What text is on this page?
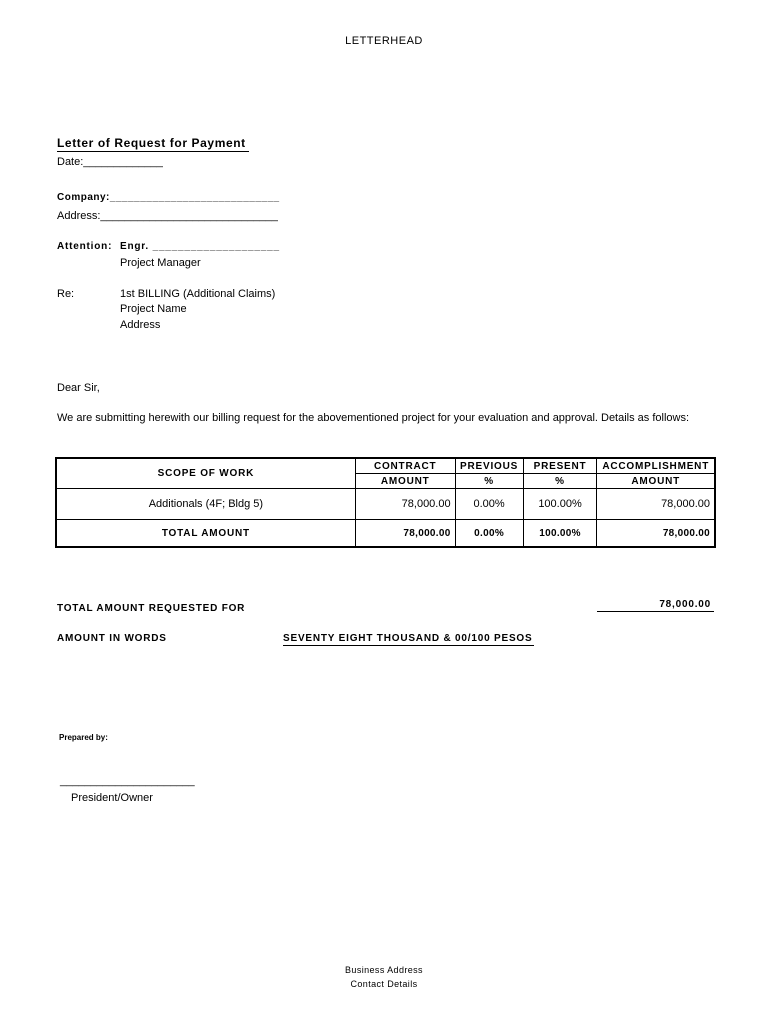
LETTERHEAD
Letter of Request for Payment
Date:_____________
Company:____________________________
Address:_____________________________
Attention: Engr. ____________________
Project Manager
Re:	1st BILLING (Additional Claims)
Project Name
Address
Dear Sir,
We are submitting herewith our billing request for the abovementioned project for your evaluation and approval. Details as follows:
SCOPE OF WORK	CONTRACT	PREVIOUS	PRESENT	ACCOMPLISHMENT
	AMOUNT	%	%	AMOUNT
Additionals (4F; Bldg 5)	78,000.00	0.00%	100.00%	78,000.00
TOTAL AMOUNT	78,000.00	0.00%	100.00%	78,000.00
TOTAL AMOUNT REQUESTED FOR	78,000.00
AMOUNT IN WORDS	SEVENTY EIGHT THOUSAND & 00/100 PESOS
Prepared by:
______________________
President/Owner
Business Address
Contact Details
